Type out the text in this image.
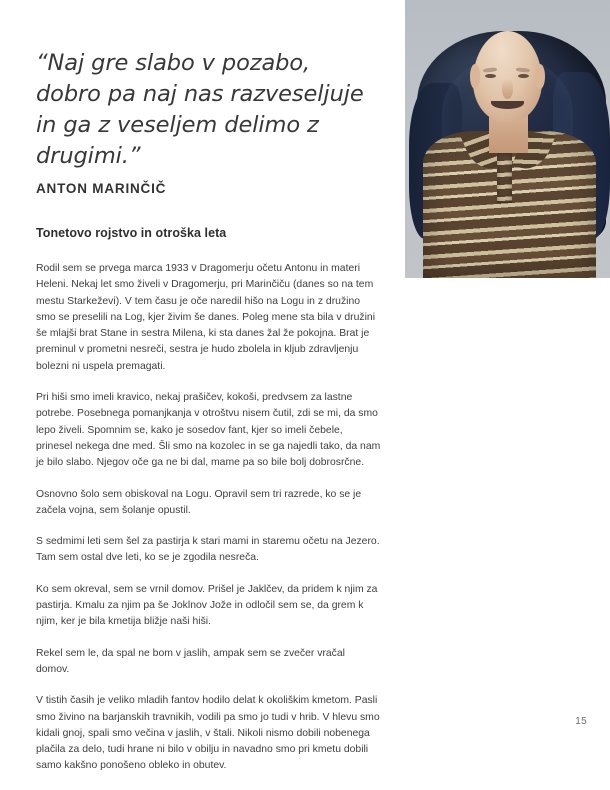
“Naj gre slabo v pozabo, dobro pa naj nas razveseljuje in ga z veseljem delimo z drugimi.”

ANTON MARINČIČ

Tonetovo rojstvo in otroška leta
Rodil sem se prvega marca 1933 v Dragomerju očetu Antonu in materi Heleni. Nekaj let smo živeli v Dragomerju, pri Marinčiču (danes so na tem mestu Starkeževi). V tem času je oče naredil hišo na Logu in z družino smo se preselili na Log, kjer živim še danes. Poleg mene sta bila v družini še mlajši brat Stane in sestra Milena, ki sta danes žal že pokojna. Brat je preminul v prometni nesreči, sestra je hudo zbolela in kljub zdravljenju bolezni ni uspela premagati.
Pri hiši smo imeli kravico, nekaj prašičev, kokoši, predvsem za lastne potrebe. Posebnega pomanjkanja v otroštvu nisem čutil, zdi se mi, da smo lepo živeli. Spomnim se, kako je sosedov fant, kjer so imeli čebele, prinesel nekega dne med. Šli smo na kozolec in se ga najedli tako, da nam je bilo slabo. Njegov oče ga ne bi dal, mame pa so bile bolj dobrosrčne.
Osnovno šolo sem obiskoval na Logu. Opravil sem tri razrede, ko se je začela vojna, sem šolanje opustil.
S sedmimi leti sem šel za pastirja k stari mami in staremu očetu na Jezero. Tam sem ostal dve leti, ko se je zgodila nesreča.
Ko sem okreval, sem se vrnil domov. Prišel je Jaklčev, da pridem k njim za pastirja. Kmalu za njim pa še Joklnov Jože in odločil sem se, da grem k njim, ker je bila kmetija bližje naši hiši.
Rekel sem le, da spal ne bom v jaslih, ampak sem se zvečer vračal domov.
V tistih časih je veliko mladih fantov hodilo delat k okoliškim kmetom. Pasli smo živino na barjanskih travnikih, vodili pa smo jo tudi v hrib. V hlevu smo kidali gnoj, spali smo večina v jaslih, v štali. Nikoli nismo dobili nobenega plačila za delo, tudi hrane ni bilo v obilju in navadno smo pri kmetu dobili samo kakšno ponošeno obleko in obutev.
15
